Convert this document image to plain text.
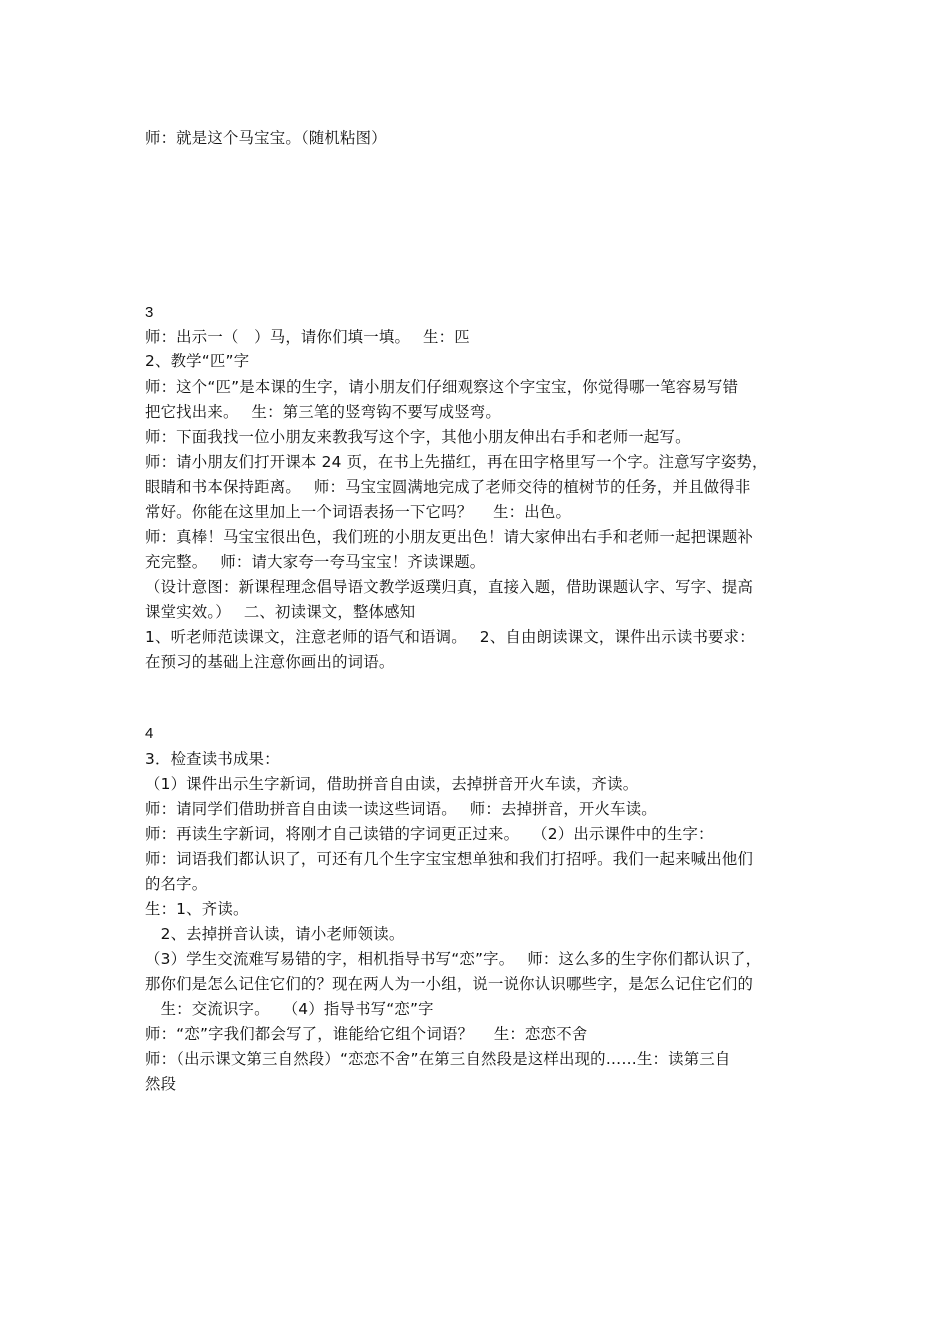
师：就是这个马宝宝。（随机粘图）
3
师：出示一（　）马，请你们填一填。　 生：匹
2、教学“匹”字
师：这个“匹”是本课的生字，请小朋友们仔细观察这个字宝宝，你觉得哪一笔容易写错
把它找出来。　 生：第三笔的竖弯钩不要写成竖弯。
师：下面我找一位小朋友来教我写这个字，其他小朋友伸出右手和老师一起写。
师：请小朋友们打开课本 24 页，在书上先描红，再在田字格里写一个字。注意写字姿势，
眼睛和书本保持距离。　 师：马宝宝圆满地完成了老师交待的植树节的任务，并且做得非
常好。你能在这里加上一个词语表扬一下它吗？　 生：出色。
师：真棒！马宝宝很出色，我们班的小朋友更出色！请大家伸出右手和老师一起把课题补
充完整。　 师：请大家夸一夸马宝宝！齐读课题。
（设计意图：新课程理念倡导语文教学返璞归真，直接入题，借助课题认字、写字、提高
课堂实效。）　 二、初读课文，整体感知
1、听老师范读课文，注意老师的语气和语调。　 2、自由朗读课文，课件出示读书要求：
在预习的基础上注意你画出的词语。
4
3．检查读书成果：
（1）课件出示生字新词，借助拼音自由读，去掉拼音开火车读，齐读。
师：请同学们借助拼音自由读一读这些词语。　 师：去掉拼音，开火车读。
师：再读生字新词，将刚才自己读错的字词更正过来。　 （2）出示课件中的生字：
师：词语我们都认识了，可还有几个生字宝宝想单独和我们打招呼。我们一起来喊出他们
的名字。
生：1、齐读。
　2、去掉拼音认读，请小老师领读。
（3）学生交流难写易错的字，相机指导书写“恋”字。　 师：这么多的生字你们都认识了，
那你们是怎么记住它们的？现在两人为一小组，说一说你认识哪些字，是怎么记住它们的
　生：交流识字。　 （4）指导书写“恋”字
师：“恋”字我们都会写了，谁能给它组个词语？　 生：恋恋不舍
师：（出示课文第三自然段）“恋恋不舍”在第三自然段是这样出现的……生：读第三自
然段
